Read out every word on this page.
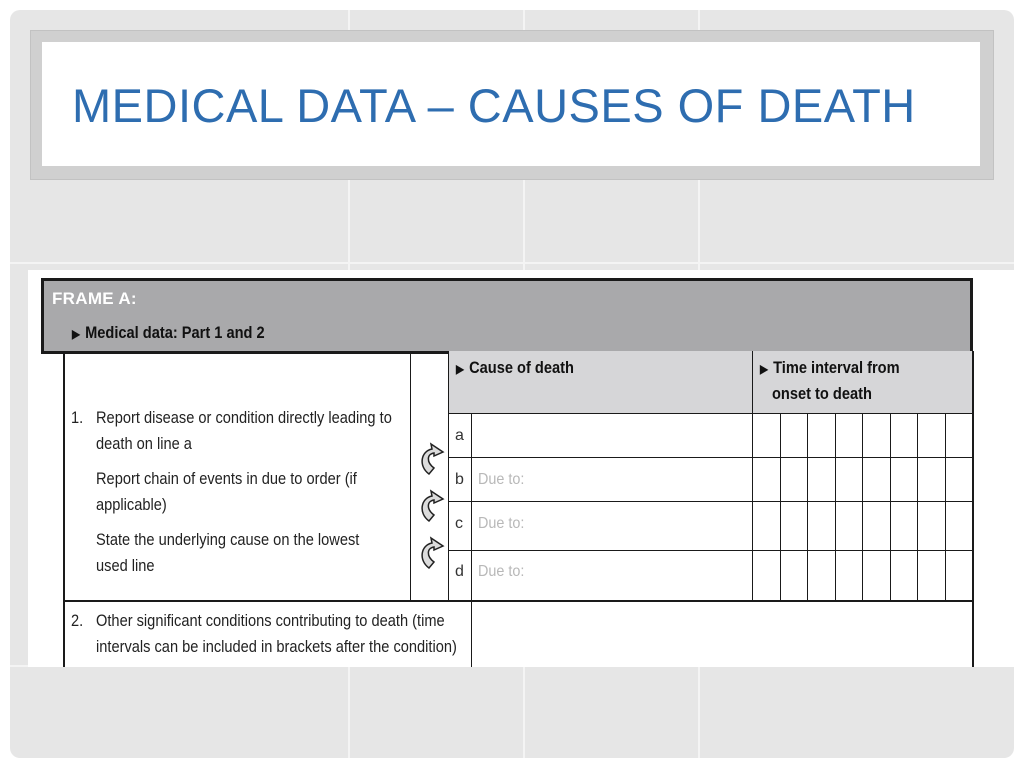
MEDICAL DATA – CAUSES OF DEATH
FRAME A:
▶ Medical data: Part 1 and 2
▶ Cause of death	▶ Time interval from
onset to death
1. Report disease or condition directly leading to
death on line a
Report chain of events in due to order (if
applicable)
State the underlying cause on the lowest
used line
a
b
c
d
Due to:
Due to:
Due to:
2. Other significant conditions contributing to death (time
intervals can be included in brackets after the condition)
